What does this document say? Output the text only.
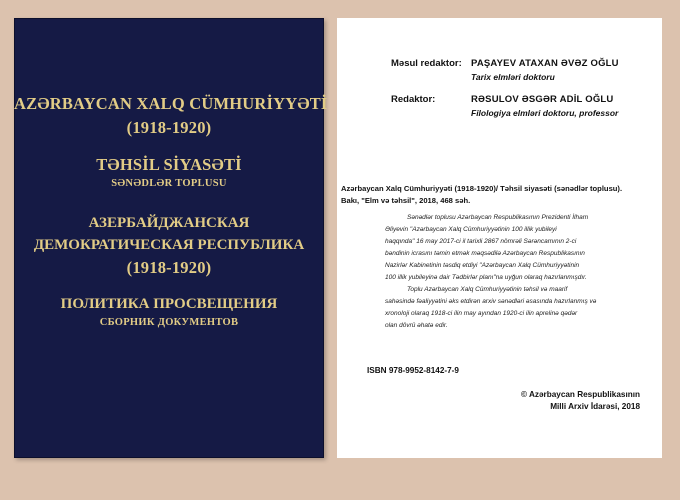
AZƏRBAYCAN XALQ CÜMHURİYYƏTİ
(1918-1920)
TƏHSİL SİYASƏTİ
SƏNƏDLƏR TOPLUSU
АЗЕРБАЙДЖАНСКАЯ
ДЕМОКРАТИЧЕСКАЯ РЕСПУБЛИКА
(1918-1920)
ПОЛИТИКА ПРОСВЕЩЕНИЯ
СБОРНИК ДОКУМЕНТОВ
Məsul redaktor: PAŞAYEV ATAXAN ƏVƏZ OĞLU
Tarix elmləri doktoru
Redaktor:	RƏSULOV ƏSGƏR ADİL OĞLU
Filologiya elmləri doktoru, professor
Azərbaycan Xalq Cümhuriyyəti (1918-1920)/ Təhsil siyasəti (sənədlər toplusu).
Bakı, "Elm və təhsil", 2018, 468 səh.
Sənədlər toplusu Azərbaycan Respublikasının Prezidenti İlham
Əliyevin "Azərbaycan Xalq Cümhuriyyətinin 100 illik yubileyi
haqqında" 16 may 2017-ci il tarixli 2867 nömrəli Sərəncamının 2-ci
bəndinin icrasını təmin etmək məqsədilə Azərbaycan Respublikasının
Nazirlər Kabinetinin təsdiq etdiyi "Azərbaycan Xalq Cümhuriyyətinin
100 illik yubileyinə dair Tədbirlər planı"na uyğun olaraq hazırlanmışdır.
Toplu Azərbaycan Xalq Cümhuriyyətinin təhsil və maarif
sahəsində fəaliyyətini əks etdirən arxiv sənədləri əsasında hazırlanmış və
xronoloji olaraq 1918-ci ilin may ayından 1920-ci ilin aprelinə qədər
olan dövrü əhatə edir.
ISBN 978-9952-8142-7-9
© Azərbaycan Respublikasının
Milli Arxiv İdarəsi, 2018
